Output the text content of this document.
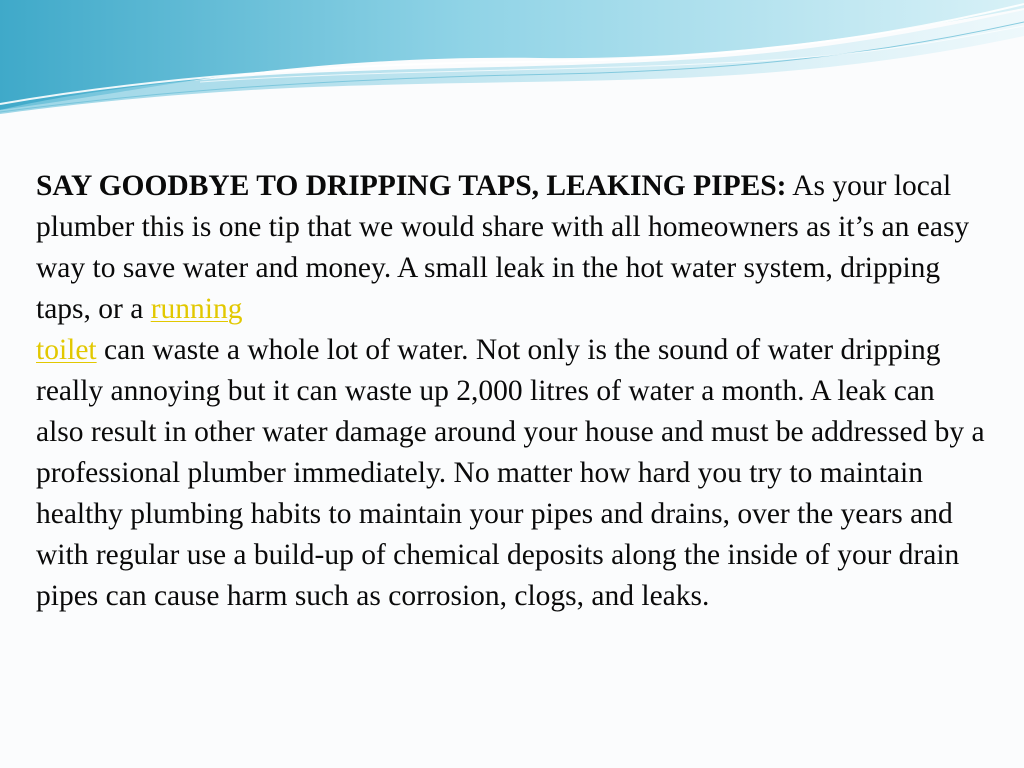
SAY GOODBYE TO DRIPPING TAPS, LEAKING PIPES: As your local plumber this is one tip that we would share with all homeowners as it’s an easy way to save water and money. A small leak in the hot water system, dripping taps, or a running
toilet can waste a whole lot of water. Not only is the sound of water dripping really annoying but it can waste up 2,000 litres of water a month. A leak can also result in other water damage around your house and must be addressed by a professional plumber immediately. No matter how hard you try to maintain healthy plumbing habits to maintain your pipes and drains, over the years and with regular use a build-up of chemical deposits along the inside of your drain pipes can cause harm such as corrosion, clogs, and leaks.
